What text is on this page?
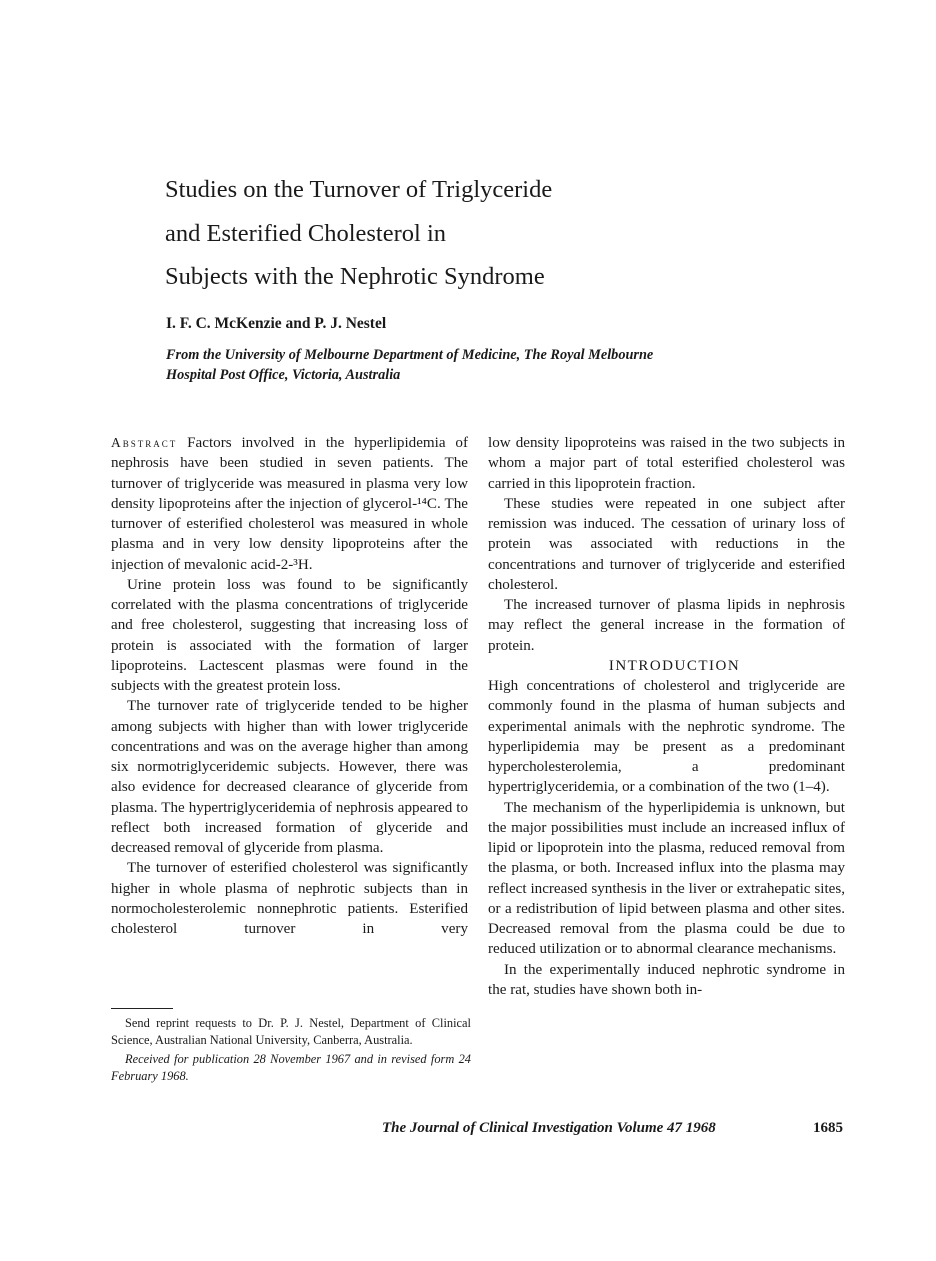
Studies on the Turnover of Triglyceride
and Esterified Cholesterol in
Subjects with the Nephrotic Syndrome
I. F. C. McKenzie and P. J. Nestel
From the University of Melbourne Department of Medicine, The Royal Melbourne
Hospital Post Office, Victoria, Australia

Abstract Factors involved in the hyperlipidemia of nephrosis have been studied in seven patients. The turnover of triglyceride was measured in plasma very low density lipoproteins after the injection of glycerol-¹⁴C. The turnover of esterified cholesterol was measured in whole plasma and in very low density lipoproteins after the injection of mevalonic acid-2-³H.

Urine protein loss was found to be significantly correlated with the plasma concentrations of triglyceride and free cholesterol, suggesting that increasing loss of protein is associated with the formation of larger lipoproteins. Lactescent plasmas were found in the subjects with the greatest protein loss.

The turnover rate of triglyceride tended to be higher among subjects with higher than with lower triglyceride concentrations and was on the average higher than among six normotriglyceridemic subjects. However, there was also evidence for decreased clearance of glyceride from plasma. The hypertriglyceridemia of nephrosis appeared to reflect both increased formation of glyceride and decreased removal of glyceride from plasma.

The turnover of esterified cholesterol was significantly higher in whole plasma of nephrotic subjects than in normocholesterolemic nonnephrotic patients. Esterified cholesterol turnover in very

low density lipoproteins was raised in the two subjects in whom a major part of total esterified cholesterol was carried in this lipoprotein fraction.

These studies were repeated in one subject after remission was induced. The cessation of urinary loss of protein was associated with reductions in the concentrations and turnover of triglyceride and esterified cholesterol.

The increased turnover of plasma lipids in nephrosis may reflect the general increase in the formation of protein.

INTRODUCTION

High concentrations of cholesterol and triglyceride are commonly found in the plasma of human subjects and experimental animals with the nephrotic syndrome. The hyperlipidemia may be present as a predominant hypercholesterolemia, a predominant hypertriglyceridemia, or a combination of the two (1–4).

The mechanism of the hyperlipidemia is unknown, but the major possibilities must include an increased influx of lipid or lipoprotein into the plasma, reduced removal from the plasma, or both. Increased influx into the plasma may reflect increased synthesis in the liver or extrahepatic sites, or a redistribution of lipid between plasma and other sites. Decreased removal from the plasma could be due to reduced utilization or to abnormal clearance mechanisms.

In the experimentally induced nephrotic syndrome in the rat, studies have shown both in-

Send reprint requests to Dr. P. J. Nestel, Department of Clinical Science, Australian National University, Canberra, Australia.

Received for publication 28 November 1967 and in revised form 24 February 1968.

The Journal of Clinical Investigation Volume 47 1968	1685
